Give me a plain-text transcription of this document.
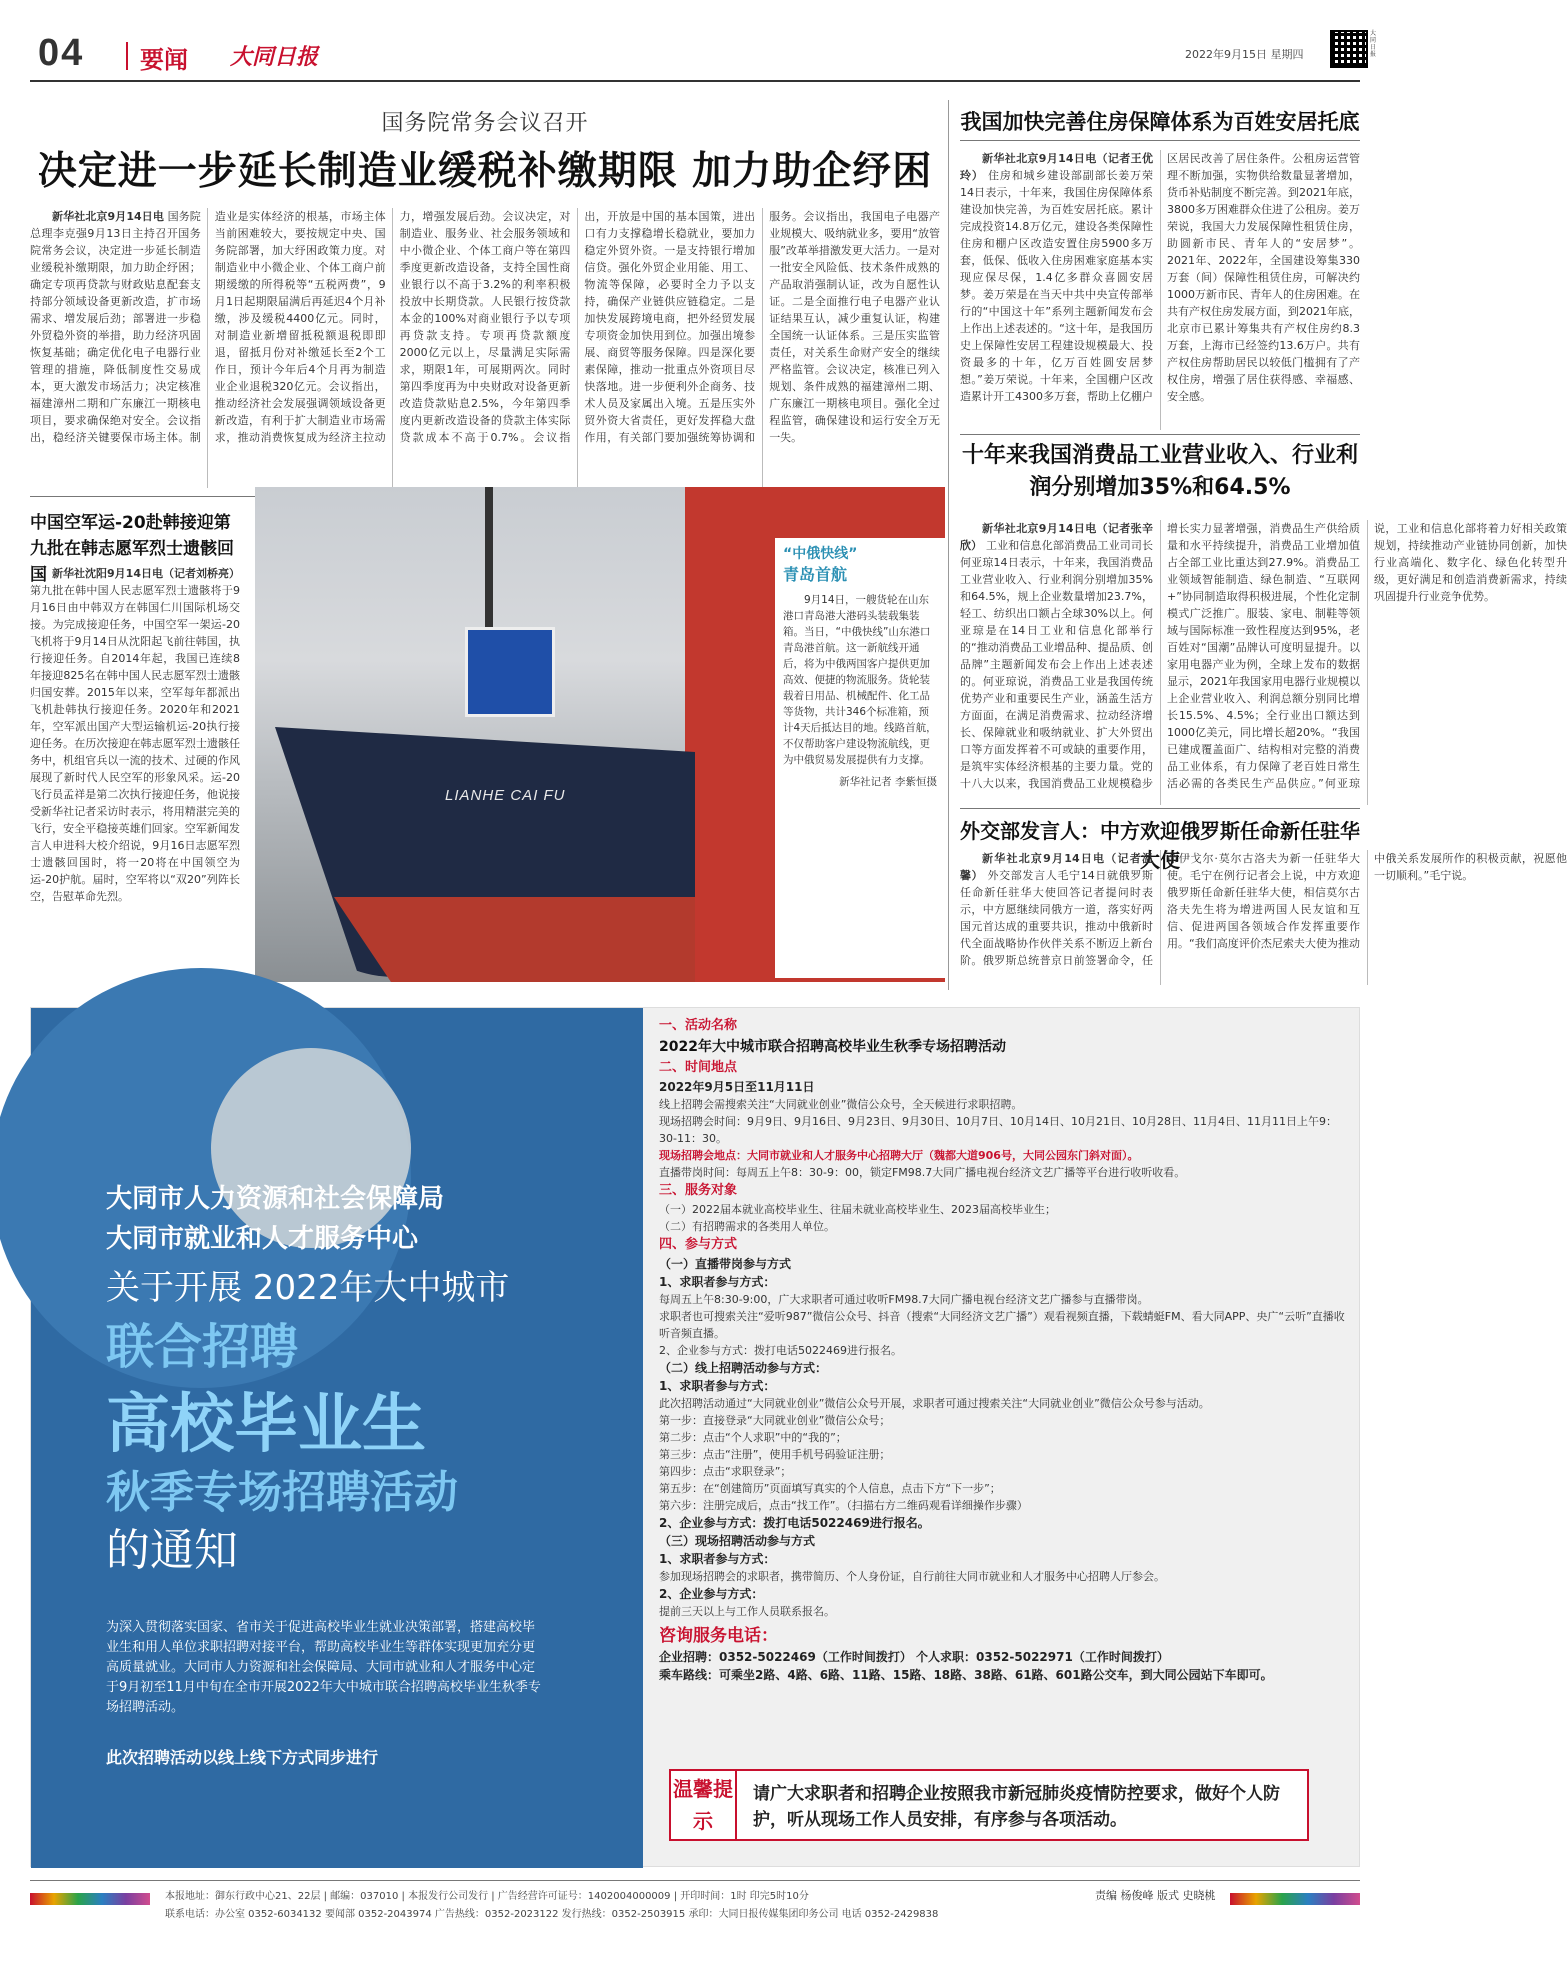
04 要闻 大同日报	2022年9月15日 星期四
大同日报
国务院常务会议召开
决定进一步延长制造业缓税补缴期限 加力助企纾困
新华社北京9月14日电 国务院总理李克强9月13日主持召开国务院常务会议，决定进一步延长制造业缓税补缴期限，加力助企纾困；确定专项再贷款与财政贴息配套支持部分领域设备更新改造，扩市场需求、增发展后劲；部署进一步稳外贸稳外资的举措，助力经济巩固恢复基础；确定优化电子电器行业管理的措施，降低制度性交易成本，更大激发市场活力；决定核准福建漳州二期和广东廉江一期核电项目，要求确保绝对安全。会议指出，稳经济关键要保市场主体。制造业是实体经济的根基，市场主体当前困难较大，要按规定中央、国务院部署，加大纾困政策力度。对制造业中小微企业、个体工商户前期缓缴的所得税等“五税两费”，9月1日起期限届满后再延迟4个月补缴，涉及缓税4400亿元。同时，对制造业新增留抵税额退税即即退，留抵月份对补缴延长至2个工作日，预计今年后4个月再为制造业企业退税320亿元。会议指出，推动经济社会发展强调领域设备更新改造，有利于扩大制造业市场需求，推动消费恢复成为经济主拉动力，增强发展后劲。会议决定，对制造业、服务业、社会服务领域和中小微企业、个体工商户等在第四季度更新改造设备，支持全国性商业银行以不高于3.2%的利率积极投放中长期贷款。人民银行按贷款本金的100%对商业银行予以专项再贷款支持。专项再贷款额度2000亿元以上，尽量满足实际需求，期限1年，可展期两次。同时第四季度再为中央财政对设备更新改造贷款贴息2.5%，今年第四季度内更新改造设备的贷款主体实际贷款成本不高于0.7%。会议指出，开放是中国的基本国策，进出口有力支撑稳增长稳就业，要加力稳定外贸外资。一是支持银行增加信贷。强化外贸企业用能、用工、物流等保障，必要时全力予以支持，确保产业链供应链稳定。二是加快发展跨境电商，把外经贸发展专项资金加快用到位。加强出境参展、商贸等服务保障。四是深化要素保障，推动一批重点外资项目尽快落地。进一步便利外企商务、技术人员及家属出入境。五是压实外贸外资大省责任，更好发挥稳大盘作用，有关部门要加强统筹协调和服务。会议指出，我国电子电器产业规模大、吸纳就业多，要用“放管服”改革举措激发更大活力。一是对一批安全风险低、技术条件成熟的产品取消强制认证，改为自愿性认证。二是全面推行电子电器产业认证结果互认，减少重复认证，构建全国统一认证体系。三是压实监管责任，对关系生命财产安全的继续严格监管。会议决定，核准已列入规划、条件成熟的福建漳州二期、广东廉江一期核电项目。强化全过程监管，确保建设和运行安全万无一失。
我国加快完善住房保障体系为百姓安居托底
新华社北京9月14日电（记者王优玲） 住房和城乡建设部副部长姜万荣14日表示，十年来，我国住房保障体系建设加快完善，为百姓安居托底。累计完成投资14.8万亿元，建设各类保障性住房和棚户区改造安置住房5900多万套，低保、低收入住房困难家庭基本实现应保尽保，1.4亿多群众喜圆安居梦。姜万荣是在当天中共中央宣传部举行的“中国这十年”系列主题新闻发布会上作出上述表述的。“这十年，是我国历史上保障性安居工程建设规模最大、投资最多的十年，亿万百姓圆安居梦想。”姜万荣说。十年来，全国棚户区改造累计开工4300多万套，帮助上亿棚户区居民改善了居住条件。公租房运营管理不断加强，实物供给数量显著增加，货币补贴制度不断完善。到2021年底，3800多万困难群众住进了公租房。姜万荣说，我国大力发展保障性租赁住房，助圆新市民、青年人的“安居梦”。2021年、2022年，全国建设筹集330万套（间）保障性租赁住房，可解决约1000万新市民、青年人的住房困难。在共有产权住房发展方面，到2021年底，北京市已累计筹集共有产权住房约8.3万套，上海市已经签约13.6万户。共有产权住房帮助居民以较低门槛拥有了产权住房，增强了居住获得感、幸福感、安全感。
十年来我国消费品工业营业收入、行业利润分别增加35%和64.5%
新华社北京9月14日电（记者张辛欣） 工业和信息化部消费品工业司司长何亚琼14日表示，十年来，我国消费品工业营业收入、行业利润分别增加35%和64.5%，规上企业数量增加23.7%，轻工、纺织出口额占全球30%以上。何亚琼是在14日工业和信息化部举行的“推动消费品工业增品种、提品质、创品牌”主题新闻发布会上作出上述表述的。何亚琼说，消费品工业是我国传统优势产业和重要民生产业，涵盖生活方方面面，在满足消费需求、拉动经济增长、保障就业和吸纳就业、扩大外贸出口等方面发挥着不可或缺的重要作用，是筑牢实体经济根基的主要力量。党的十八大以来，我国消费品工业规模稳步增长实力显著增强，消费品生产供给质量和水平持续提升，消费品工业增加值占全部工业比重达到27.9%。消费品工业领域智能制造、绿色制造、“互联网+”协同制造取得积极进展，个性化定制模式广泛推广。服装、家电、制鞋等领域与国际标准一致性程度达到95%，老百姓对“国潮”品牌认可度明显提升。以家用电器产业为例，全球上发布的数据显示，2021年我国家用电器行业规模以上企业营业收入、利润总额分别同比增长15.5%、4.5%；全行业出口额达到1000亿美元，同比增长超20%。“我国已建成覆盖面广、结构相对完整的消费品工业体系，有力保障了老百姓日常生活必需的各类民生产品供应。”何亚琼说，工业和信息化部将着力好相关政策规划，持续推动产业链协同创新，加快行业高端化、数字化、绿色化转型升级，更好满足和创造消费新需求，持续巩固提升行业竞争优势。
中国空军运-20赴韩接迎第九批在韩志愿军烈士遗骸回国 新华社沈阳9月14日电（记者刘桥亮） 第九批在韩中国人民志愿军烈士遗骸将于9月16日由中韩双方在韩国仁川国际机场交接。为完成接迎任务，中国空军一架运-20飞机将于9月14日从沈阳起飞前往韩国，执行接迎任务。自2014年起，我国已连续8年接迎825名在韩中国人民志愿军烈士遗骸归国安葬。2015年以来，空军每年都派出飞机赴韩执行接迎任务。2020年和2021年，空军派出国产大型运输机运-20执行接迎任务。在历次接迎在韩志愿军烈士遗骸任务中，机组官兵以一流的技术、过硬的作风展现了新时代人民空军的形象风采。运-20飞行员孟祥是第二次执行接迎任务，他说接受新华社记者采访时表示，将用精湛完美的飞行，安全平稳接英雄们回家。空军新闻发言人申进科大校介绍说，9月16日志愿军烈士遗骸回国时，将一20将在中国领空为运-20护航。届时，空军将以“双20”列阵长空，告慰革命先烈。
LIANHE CAI FU
“中俄快线”
青岛首航
9月14日，一艘货轮在山东港口青岛港大港码头装载集装箱。当日，“中俄快线”山东港口青岛港首航。这一新航线开通后，将为中俄两国客户提供更加高效、便捷的物流服务。货轮装载着日用品、机械配件、化工品等货物，共计346个标准箱，预计4天后抵达目的地。线路首航，不仅帮助客户建设物流航线，更为中俄贸易发展提供有力支撑。
新华社记者 李紫恒摄
外交部发言人：中方欢迎俄罗斯任命新任驻华大使
新华社北京9月14日电（记者温馨） 外交部发言人毛宁14日就俄罗斯任命新任驻华大使回答记者提问时表示，中方愿继续同俄方一道，落实好两国元首达成的重要共识，推动中俄新时代全面战略协作伙伴关系不断迈上新台阶。俄罗斯总统普京日前签署命令，任命伊戈尔·莫尔古洛夫为新一任驻华大使。毛宁在例行记者会上说，中方欢迎俄罗斯任命新任驻华大使，相信莫尔古洛夫先生将为增进两国人民友谊和互信、促进两国各领域合作发挥重要作用。“我们高度评价杰尼索夫大使为推动中俄关系发展所作的积极贡献，祝愿他一切顺利。”毛宁说。
大同市人力资源和社会保障局
大同市就业和人才服务中心
关于开展 2022年大中城市
联合招聘
高校毕业生
秋季专场招聘活动
的通知
为深入贯彻落实国家、省市关于促进高校毕业生就业决策部署，搭建高校毕业生和用人单位求职招聘对接平台，帮助高校毕业生等群体实现更加充分更高质量就业。大同市人力资源和社会保障局、大同市就业和人才服务中心定于9月初至11月中旬在全市开展2022年大中城市联合招聘高校毕业生秋季专场招聘活动。
此次招聘活动以线上线下方式同步进行
一、活动名称
2022年大中城市联合招聘高校毕业生秋季专场招聘活动
二、时间地点
2022年9月5日至11月11日
线上招聘会需搜索关注“大同就业创业”微信公众号，全天候进行求职招聘。
现场招聘会时间：9月9日、9月16日、9月23日、9月30日、10月7日、10月14日、10月21日、10月28日、11月4日、11月11日上午9：30-11：30。
现场招聘会地点：大同市就业和人才服务中心招聘大厅（魏都大道906号，大同公园东门斜对面）。
直播带岗时间：每周五上午8：30-9：00，锁定FM98.7大同广播电视台经济文艺广播等平台进行收听收看。
三、服务对象
（一）2022届本就业高校毕业生、往届未就业高校毕业生、2023届高校毕业生；
（二）有招聘需求的各类用人单位。
四、参与方式
（一）直播带岗参与方式
1、求职者参与方式：
每周五上午8:30-9:00，广大求职者可通过收听FM98.7大同广播电视台经济文艺广播参与直播带岗。
求职者也可搜索关注“爱听987”微信公众号、抖音（搜索“大同经济文艺广播”）观看视频直播，下载蜻蜓FM、看大同APP、央广“云听”直播收听音频直播。
2、企业参与方式：拨打电话5022469进行报名。
（二）线上招聘活动参与方式：
1、求职者参与方式：
此次招聘活动通过“大同就业创业”微信公众号开展，求职者可通过搜索关注“大同就业创业”微信公众号参与活动。
第一步：直接登录“大同就业创业”微信公众号；
第二步：点击“个人求职”中的“我的”；
第三步：点击“注册”，使用手机号码验证注册；
第四步：点击“求职登录”；
第五步：在“创建简历”页面填写真实的个人信息，点击下方“下一步”；
第六步：注册完成后，点击“找工作”。（扫描右方二维码观看详细操作步骤）
2、企业参与方式：拨打电话5022469进行报名。
（三）现场招聘活动参与方式
1、求职者参与方式：
参加现场招聘会的求职者，携带简历、个人身份证，自行前往大同市就业和人才服务中心招聘人厅参会。
2、企业参与方式：
提前三天以上与工作人员联系报名。
咨询服务电话：
企业招聘：0352-5022469（工作时间拨打） 个人求职：0352-5022971（工作时间拨打）
乘车路线：可乘坐2路、4路、6路、11路、15路、18路、38路、61路、601路公交车，到大同公园站下车即可。
温馨提示
请广大求职者和招聘企业按照我市新冠肺炎疫情防控要求，做好个人防护，听从现场工作人员安排，有序参与各项活动。
本报地址：御东行政中心21、22层 | 邮编：037010 | 本报发行公司发行 | 广告经营许可证号：1402004000009 | 开印时间：1时 印完5时10分
联系电话：办公室 0352-6034132 要闻部 0352-2043974 广告热线：0352-2023122 发行热线：0352-2503915 承印：大同日报传媒集团印务公司 电话 0352-2429838
责编 杨俊峰 版式 史晓桃
